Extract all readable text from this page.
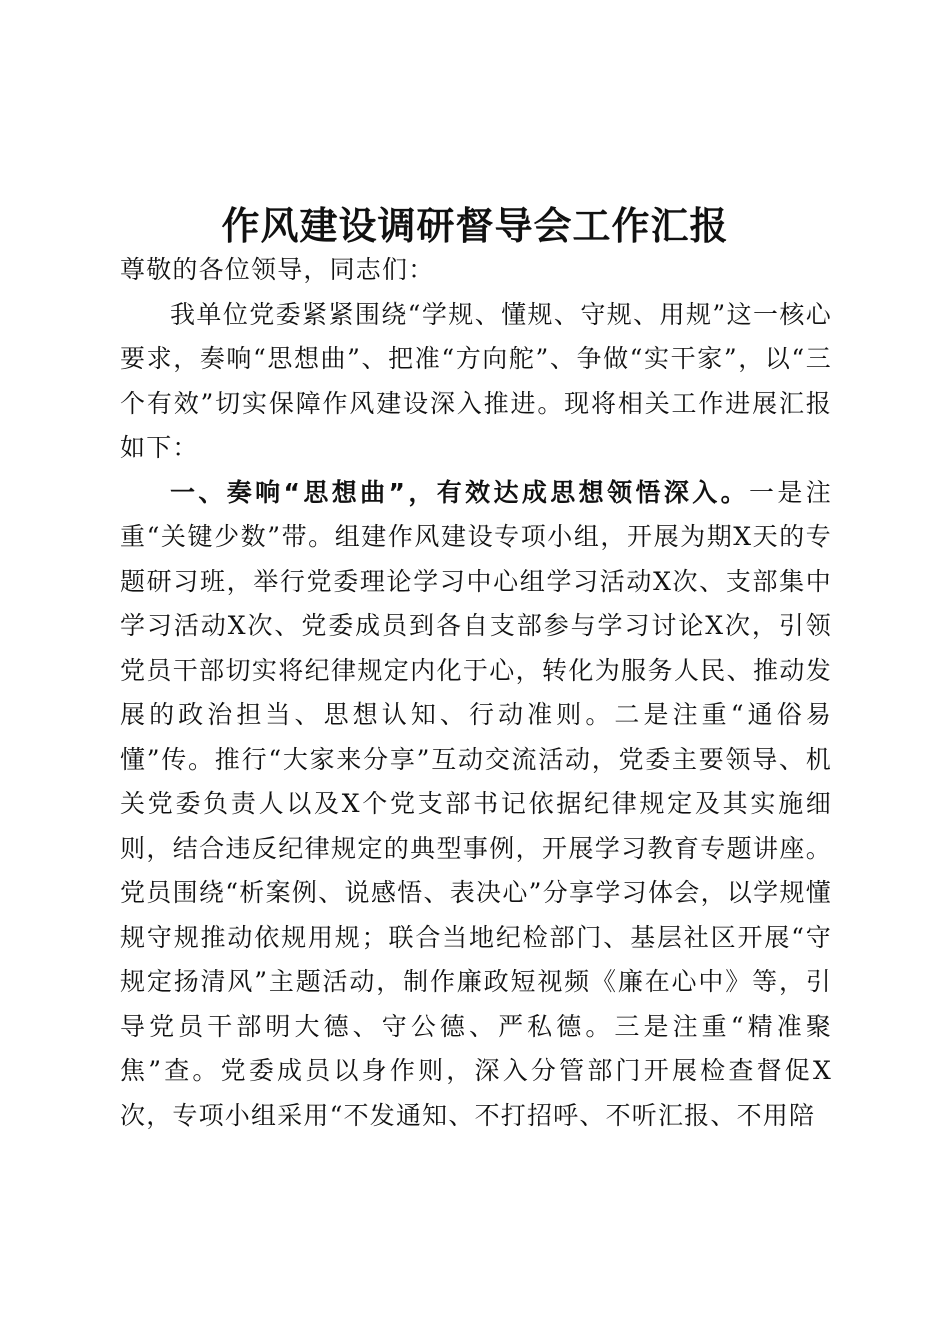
作风建设调研督导会工作汇报

尊敬的各位领导，同志们：

我单位党委紧紧围绕“学规、懂规、守规、用规”这一核心要求，奏响“思想曲”、把准“方向舵”、争做“实干家”，以“三个有效”切实保障作风建设深入推进。现将相关工作进展汇报如下：

一、奏响“思想曲”，有效达成思想领悟深入。一是注重“关键少数”带。组建作风建设专项小组，开展为期X天的专题研习班，举行党委理论学习中心组学习活动X次、支部集中学习活动X次、党委成员到各自支部参与学习讨论X次，引领党员干部切实将纪律规定内化于心，转化为服务人民、推动发展的政治担当、思想认知、行动准则。二是注重“通俗易懂”传。推行“大家来分享”互动交流活动，党委主要领导、机关党委负责人以及X个党支部书记依据纪律规定及其实施细则，结合违反纪律规定的典型事例，开展学习教育专题讲座。党员围绕“析案例、说感悟、表决心”分享学习体会，以学规懂规守规推动依规用规；联合当地纪检部门、基层社区开展“守规定扬清风”主题活动，制作廉政短视频《廉在心中》等，引导党员干部明大德、守公德、严私德。三是注重“精准聚焦”查。党委成员以身作则，深入分管部门开展检查督促X次，专项小组采用“不发通知、不打招呼、不听汇报、不用陪
